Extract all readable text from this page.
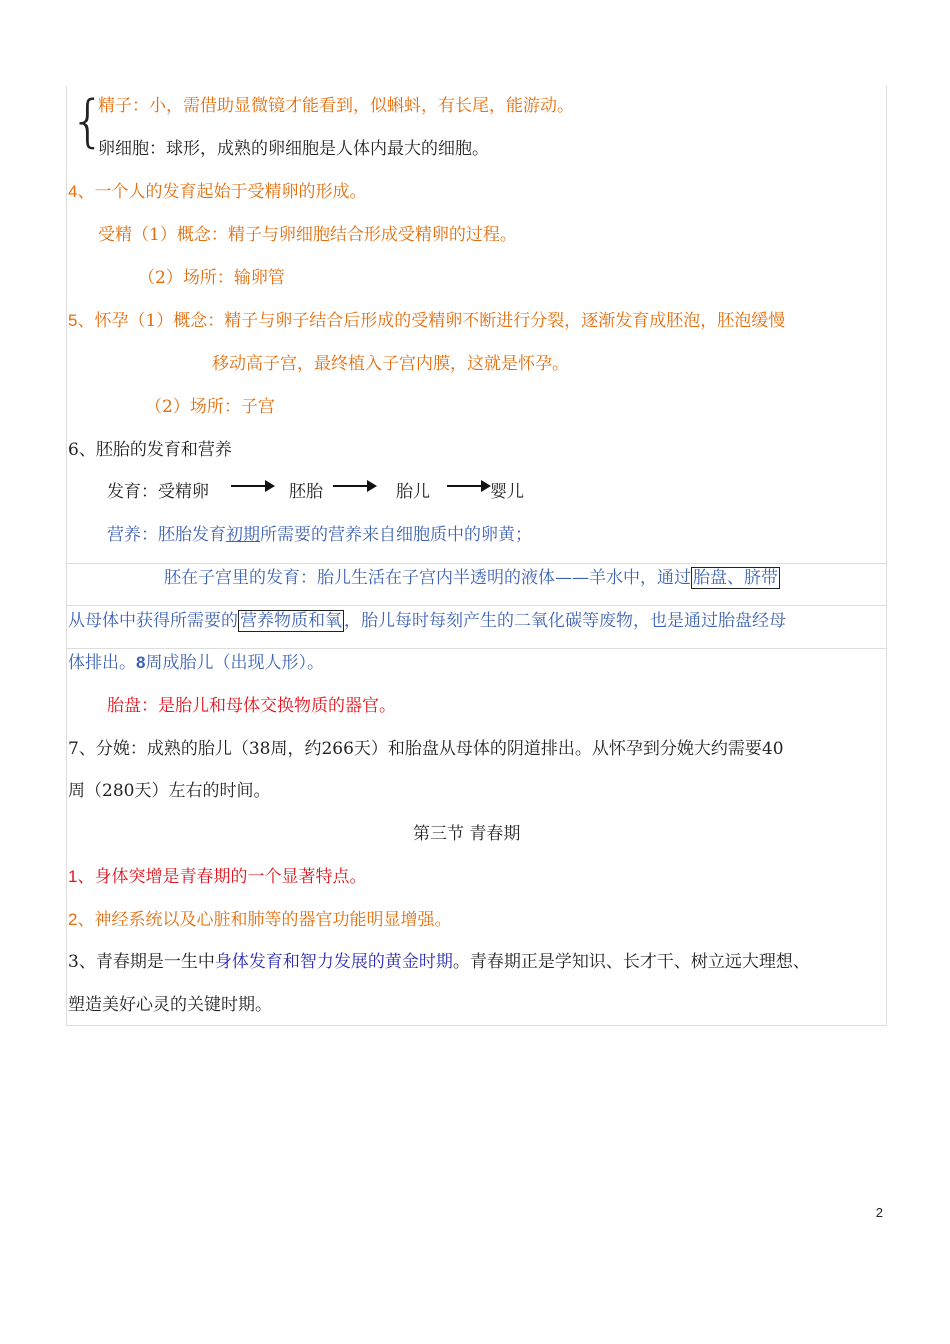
{
精子：小，需借助显微镜才能看到，似蝌蚪，有长尾，能游动。
卵细胞：球形，成熟的卵细胞是人体内最大的细胞。
4、一个人的发育起始于受精卵的形成。
受精（1）概念：精子与卵细胞结合形成受精卵的过程。
（2）场所：输卵管
5、怀孕（1）概念：精子与卵子结合后形成的受精卵不断进行分裂，逐渐发育成胚泡，胚泡缓慢
移动高子宫，最终植入子宫内膜，这就是怀孕。
（2）场所：子宫
6、胚胎的发育和营养
发育：受精卵	胚胎	胎儿	婴儿
营养：胚胎发育初期所需要的营养来自细胞质中的卵黄；
胚在子宫里的发育：胎儿生活在子宫内半透明的液体——羊水中，通过 胎盘、脐带
从母体中获得所需要的 营养物质和氧 ，胎儿每时每刻产生的二氧化碳等废物，也是通过胎盘经母
体排出。8周成胎儿（出现人形）。
胎盘：是胎儿和母体交换物质的器官。
7、分娩：成熟的胎儿（38周，约266天）和胎盘从母体的阴道排出。从怀孕到分娩大约需要40
周（280天）左右的时间。
第三节 青春期
1、身体突增是青春期的一个显著特点。
2、神经系统以及心脏和肺等的器官功能明显增强。
3、青春期是一生中身体发育和智力发展的黄金时期。青春期正是学知识、长才干、树立远大理想、
塑造美好心灵的关键时期。
2
